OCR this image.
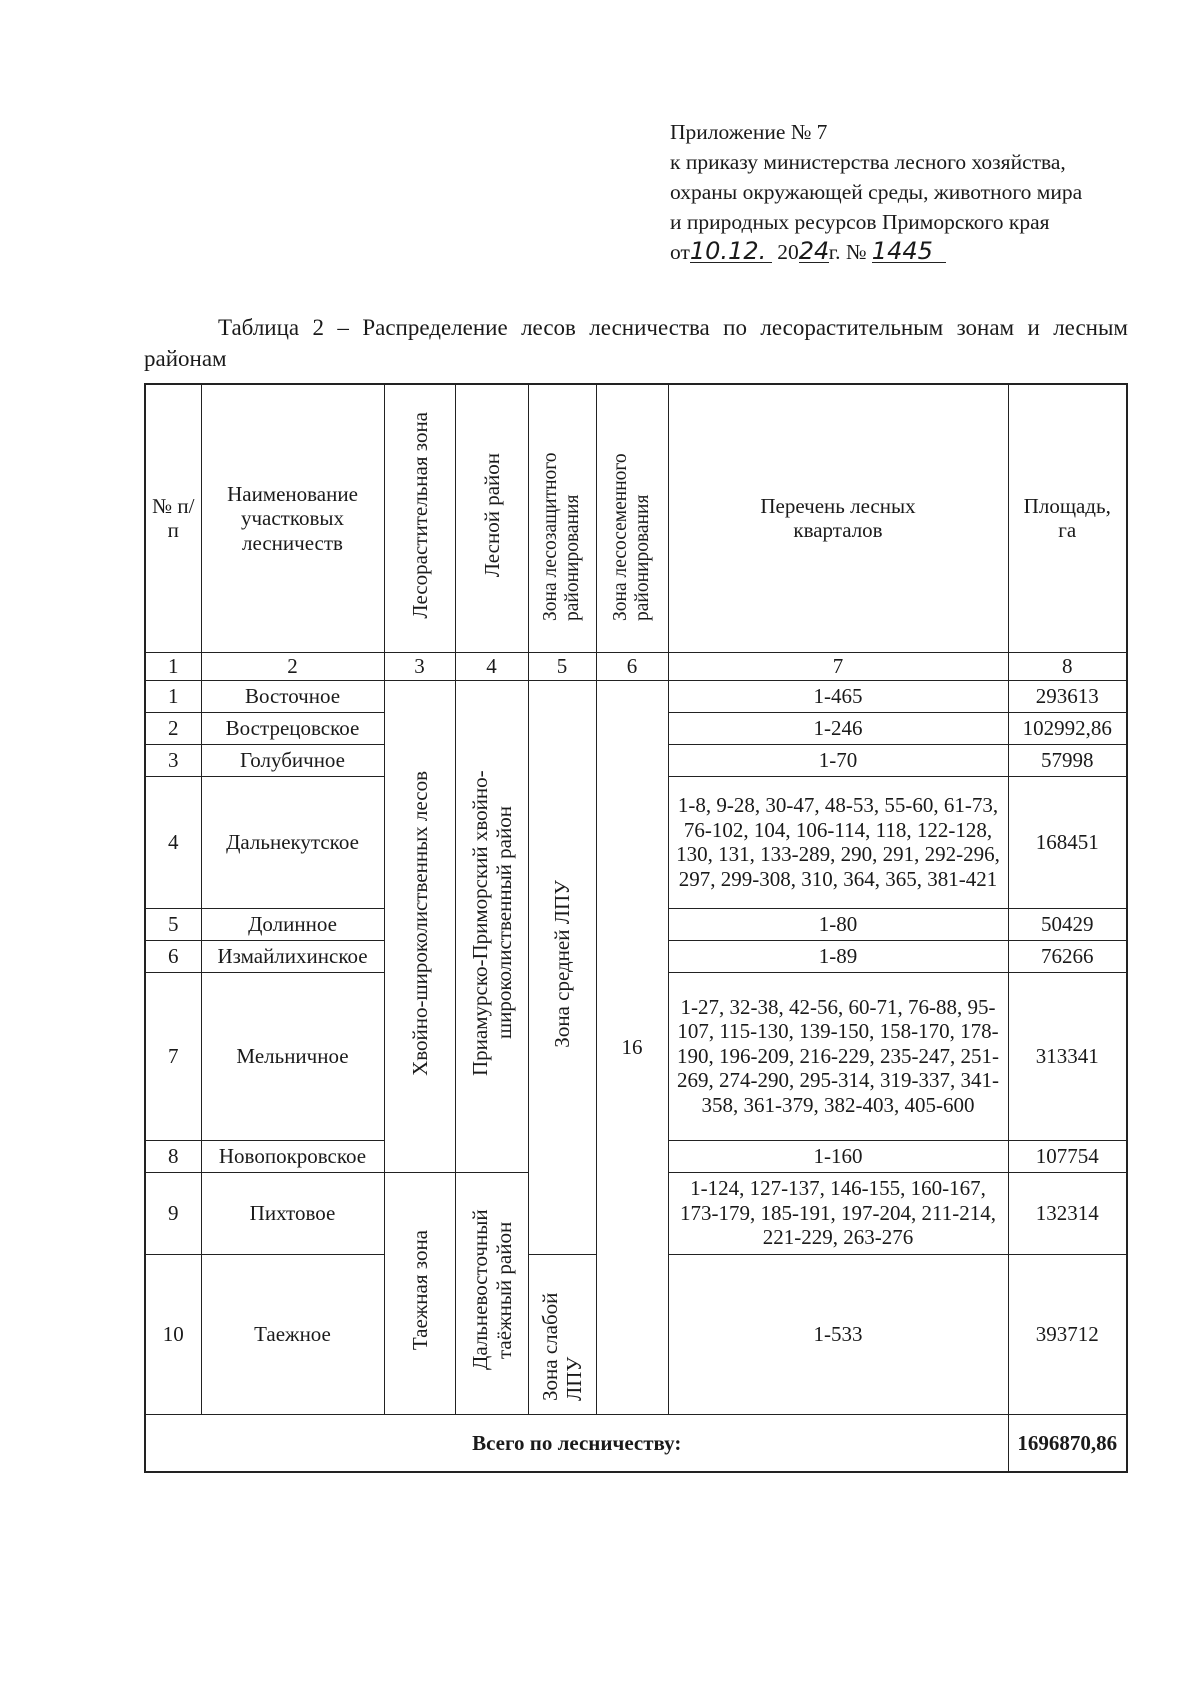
Приложение № 7
к приказу министерства лесного хозяйства,
охраны окружающей среды, животного мира
и природных ресурсов Приморского края
от10.12. 2024г. № 1445
Таблица 2 – Распределение лесов лесничества по лесорастительным зонам и лесным районам
№ п/п	Наименование участковых лесничеств	Лесорастительная зона	Лесной район	Зона лесозащитного районирования	Зона лесосеменного районирования	Перечень лесных кварталов	Площадь, га
1	2	3	4	5	6	7	8
1	Восточное	Хвойно-широколиственных лесов	Приамурско-Приморский хвойно-широколиственный район	Зона средней ЛПУ	16	1-465	293613
2	Вострецовское					1-246	102992,86
3	Голубичное					1-70	57998
4	Дальнекутское					1-8, 9-28, 30-47, 48-53, 55-60, 61-73, 76-102, 104, 106-114, 118, 122-128, 130, 131, 133-289, 290, 291, 292-296, 297, 299-308, 310, 364, 365, 381-421	168451
5	Долинное					1-80	50429
6	Измайлихинское					1-89	76266
7	Мельничное					1-27, 32-38, 42-56, 60-71, 76-88, 95-107, 115-130, 139-150, 158-170, 178-190, 196-209, 216-229, 235-247, 251-269, 274-290, 295-314, 319-337, 341-358, 361-379, 382-403, 405-600	313341
8	Новопокровское					1-160	107754
9	Пихтовое	Таежная зона	Дальневосточный таёжный район			1-124, 127-137, 146-155, 160-167, 173-179, 185-191, 197-204, 211-214, 221-229, 263-276	132314
10	Таежное			Зона слабой ЛПУ		1-533	393712
Всего по лесничеству:							1696870,86
